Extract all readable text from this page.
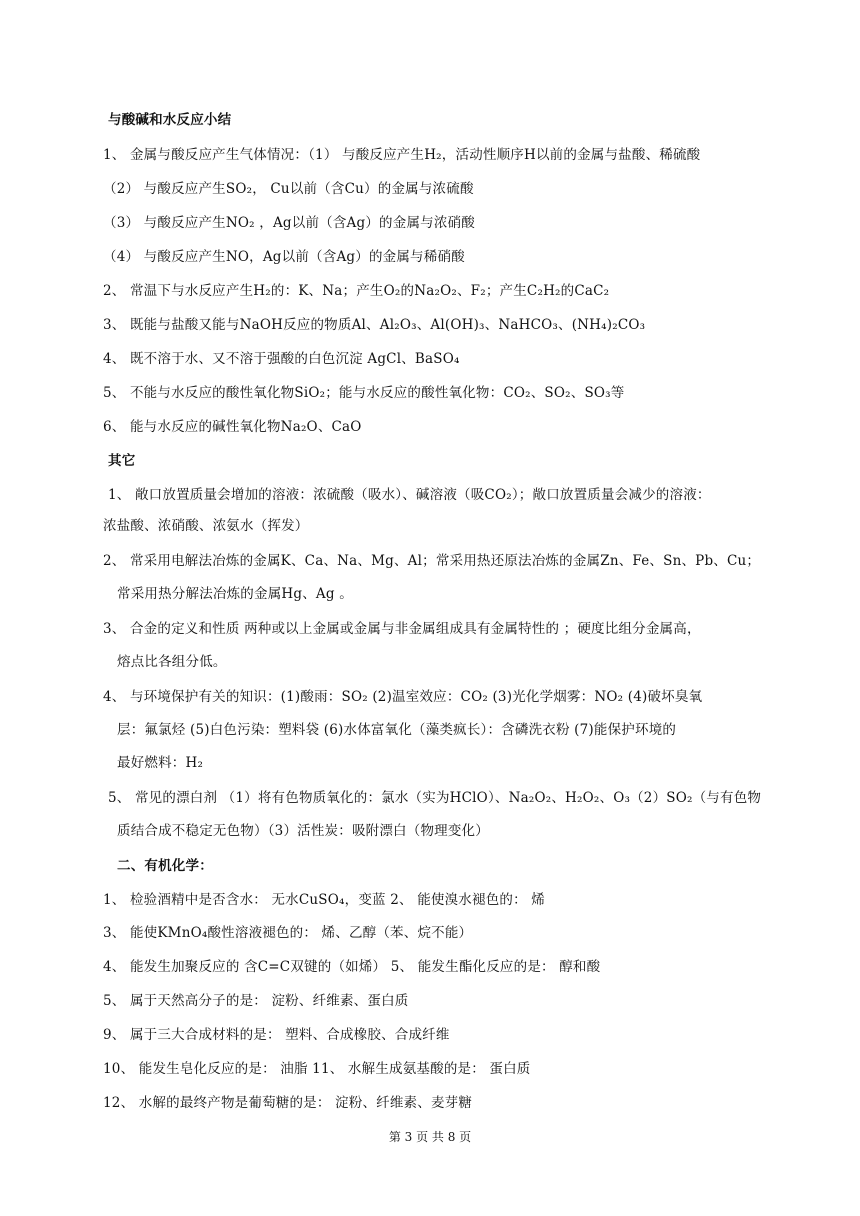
与酸碱和水反应小结
1、 金属与酸反应产生气体情况：（1） 与酸反应产生H₂，活动性顺序H以前的金属与盐酸、稀硫酸
（2） 与酸反应产生SO₂， Cu以前（含Cu）的金属与浓硫酸
（3） 与酸反应产生NO₂ ，Ag以前（含Ag）的金属与浓硝酸
（4） 与酸反应产生NO，Ag以前（含Ag）的金属与稀硝酸
2、 常温下与水反应产生H₂的：K、Na；产生O₂的Na₂O₂、F₂；产生C₂H₂的CaC₂
3、 既能与盐酸又能与NaOH反应的物质Al、Al₂O₃、Al(OH)₃、NaHCO₃、(NH₄)₂CO₃
4、 既不溶于水、又不溶于强酸的白色沉淀 AgCl、BaSO₄
5、 不能与水反应的酸性氧化物SiO₂；能与水反应的酸性氧化物：CO₂、SO₂、SO₃等
6、 能与水反应的碱性氧化物Na₂O、CaO
其它
1、 敞口放置质量会增加的溶液：浓硫酸（吸水）、碱溶液（吸CO₂）；敞口放置质量会减少的溶液：
浓盐酸、浓硝酸、浓氨水（挥发）
2、 常采用电解法冶炼的金属K、Ca、Na、Mg、Al；常采用热还原法冶炼的金属Zn、Fe、Sn、Pb、Cu；
常采用热分解法冶炼的金属Hg、Ag 。
3、 合金的定义和性质 两种或以上金属或金属与非金属组成具有金属特性的 ；硬度比组分金属高，
熔点比各组分低。
4、 与环境保护有关的知识：(1)酸雨：SO₂ (2)温室效应：CO₂ (3)光化学烟雾：NO₂ (4)破坏臭氧
层：氟氯烃 (5)白色污染：塑料袋 (6)水体富氧化（藻类疯长）：含磷洗衣粉 (7)能保护环境的
最好燃料：H₂
5、 常见的漂白剂 （1）将有色物质氧化的：氯水（实为HClO）、Na₂O₂、H₂O₂、O₃（2）SO₂（与有色物
质结合成不稳定无色物）（3）活性炭：吸附漂白（物理变化）
二、有机化学：
1、 检验酒精中是否含水： 无水CuSO₄，变蓝 2、 能使溴水褪色的： 烯
3、 能使KMnO₄酸性溶液褪色的： 烯、乙醇（苯、烷不能）
4、 能发生加聚反应的 含C=C双键的（如烯） 5、 能发生酯化反应的是： 醇和酸
5、 属于天然高分子的是： 淀粉、纤维素、蛋白质
9、 属于三大合成材料的是： 塑料、合成橡胶、合成纤维
10、 能发生皂化反应的是： 油脂 11、 水解生成氨基酸的是： 蛋白质
12、 水解的最终产物是葡萄糖的是： 淀粉、纤维素、麦芽糖
第 3 页 共 8 页
